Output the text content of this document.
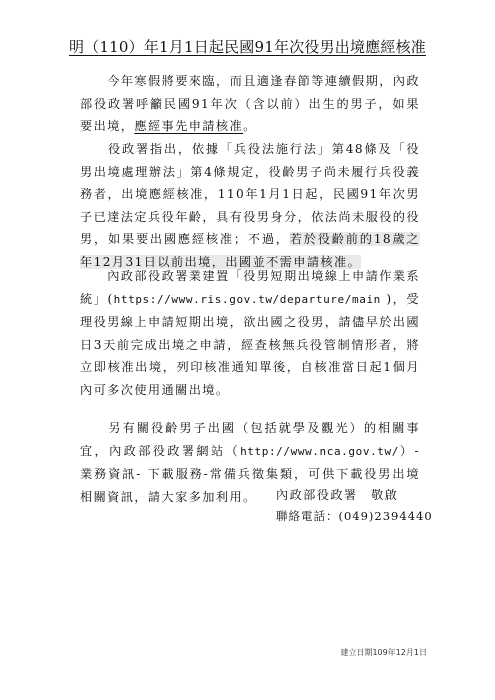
明（110）年1月1日起民國91年次役男出境應經核准

　　今年寒假將要來臨，而且適逢春節等連續假期，內政部役政署呼籲民國91年次（含以前）出生的男子，如果要出境，應經事先申請核准。

　　役政署指出，依據「兵役法施行法」第48條及「役男出境處理辦法」第4條規定，役齡男子尚未履行兵役義務者，出境應經核准，110年1月1日起，民國91年次男子已達法定兵役年齡，具有役男身分，依法尚未服役的役男，如果要出國應經核准；不過，若於役齡前的18歲之年12月31日以前出境，出國並不需申請核准。

　　內政部役政署業建置「役男短期出境線上申請作業系統」(https://www.ris.gov.tw/departure/main )，受理役男線上申請短期出境，欲出國之役男，請儘早於出國日3天前完成出境之申請，經查核無兵役管制情形者，將立即核准出境，列印核准通知單後，自核准當日起1個月內可多次使用通關出境。

　　另有關役齡男子出國（包括就學及觀光）的相關事宜，內政部役政署網站（http://www.nca.gov.tw/）-業務資訊- 下載服務-常備兵徵集類，可供下載役男出境相關資訊，請大家多加利用。	內政部役政署　敬啟
聯絡電話：(049)2394440
建立日期109年12月1日
